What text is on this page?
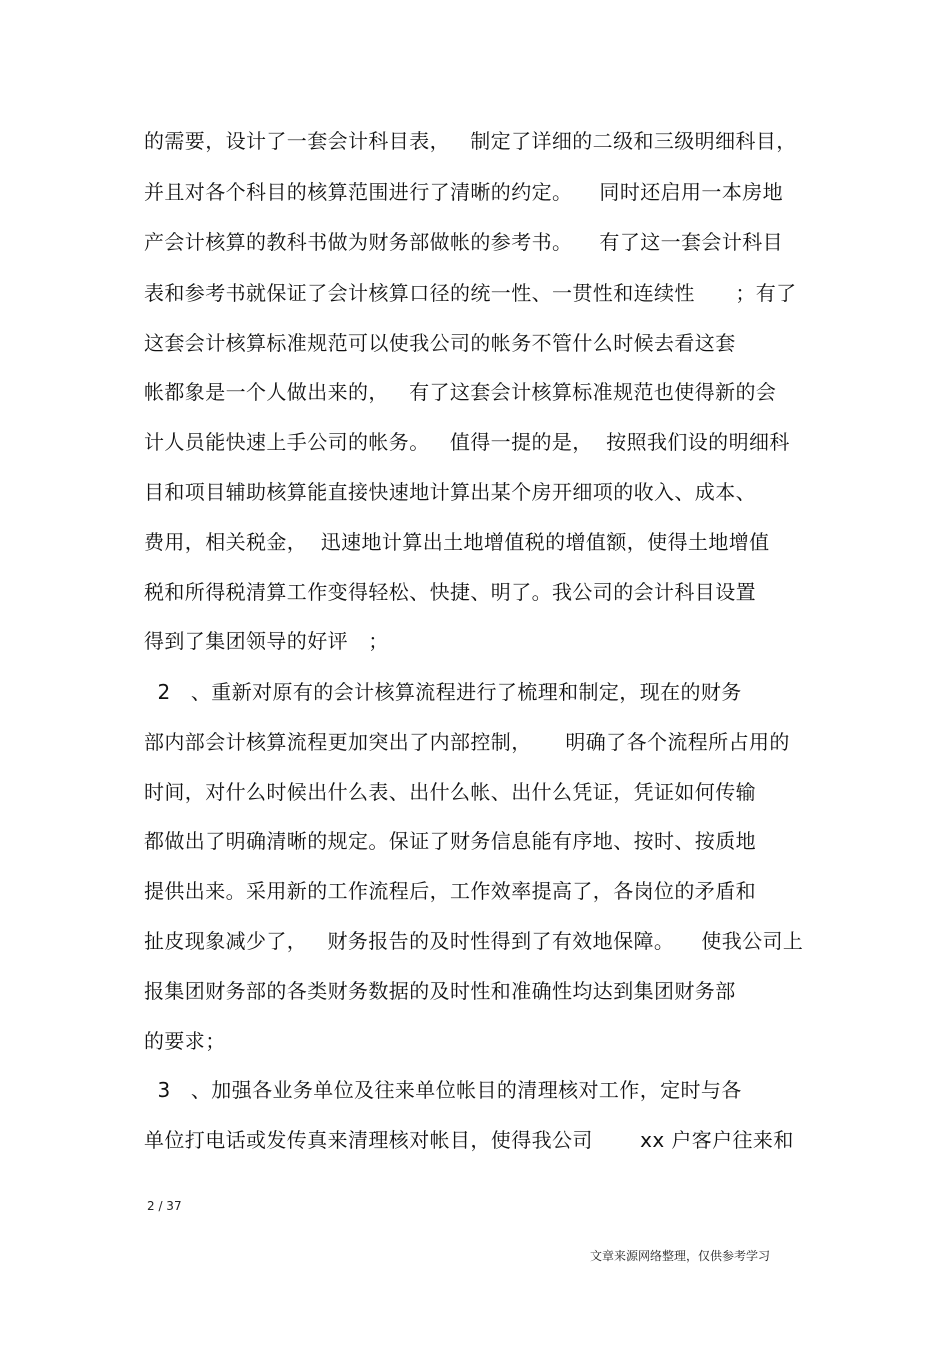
的需要，设计了一套会计科目表，   制定了详细的二级和三级明细科目，
并且对各个科目的核算范围进行了清晰的约定。    同时还启用一本房地
产会计核算的教科书做为财务部做帐的参考书。    有了这一套会计科目
表和参考书就保证了会计核算口径的统一性、一贯性和连续性      ；有了
这套会计核算标准规范可以使我公司的帐务不管什么时候去看这套
帐都象是一个人做出来的，   有了这套会计核算标准规范也使得新的会
计人员能快速上手公司的帐务。   值得一提的是，  按照我们设的明细科
目和项目辅助核算能直接快速地计算出某个房开细项的收入、成本、
费用，相关税金，  迅速地计算出土地增值税的增值额，使得土地增值
税和所得税清算工作变得轻松、快捷、明了。我公司的会计科目设置
得到了集团领导的好评   ；
2   、重新对原有的会计核算流程进行了梳理和制定，现在的财务
部内部会计核算流程更加突出了内部控制，     明确了各个流程所占用的
时间，对什么时候出什么表、出什么帐、出什么凭证，凭证如何传输
都做出了明确清晰的规定。保证了财务信息能有序地、按时、按质地
提供出来。采用新的工作流程后，工作效率提高了，各岗位的矛盾和
扯皮现象减少了，   财务报告的及时性得到了有效地保障。    使我公司上
报集团财务部的各类财务数据的及时性和准确性均达到集团财务部
的要求；
3   、加强各业务单位及往来单位帐目的清理核对工作，定时与各
单位打电话或发传真来清理核对帐目，使得我公司       xx 户客户往来和
2 / 37
文章来源网络整理，仅供参考学习
